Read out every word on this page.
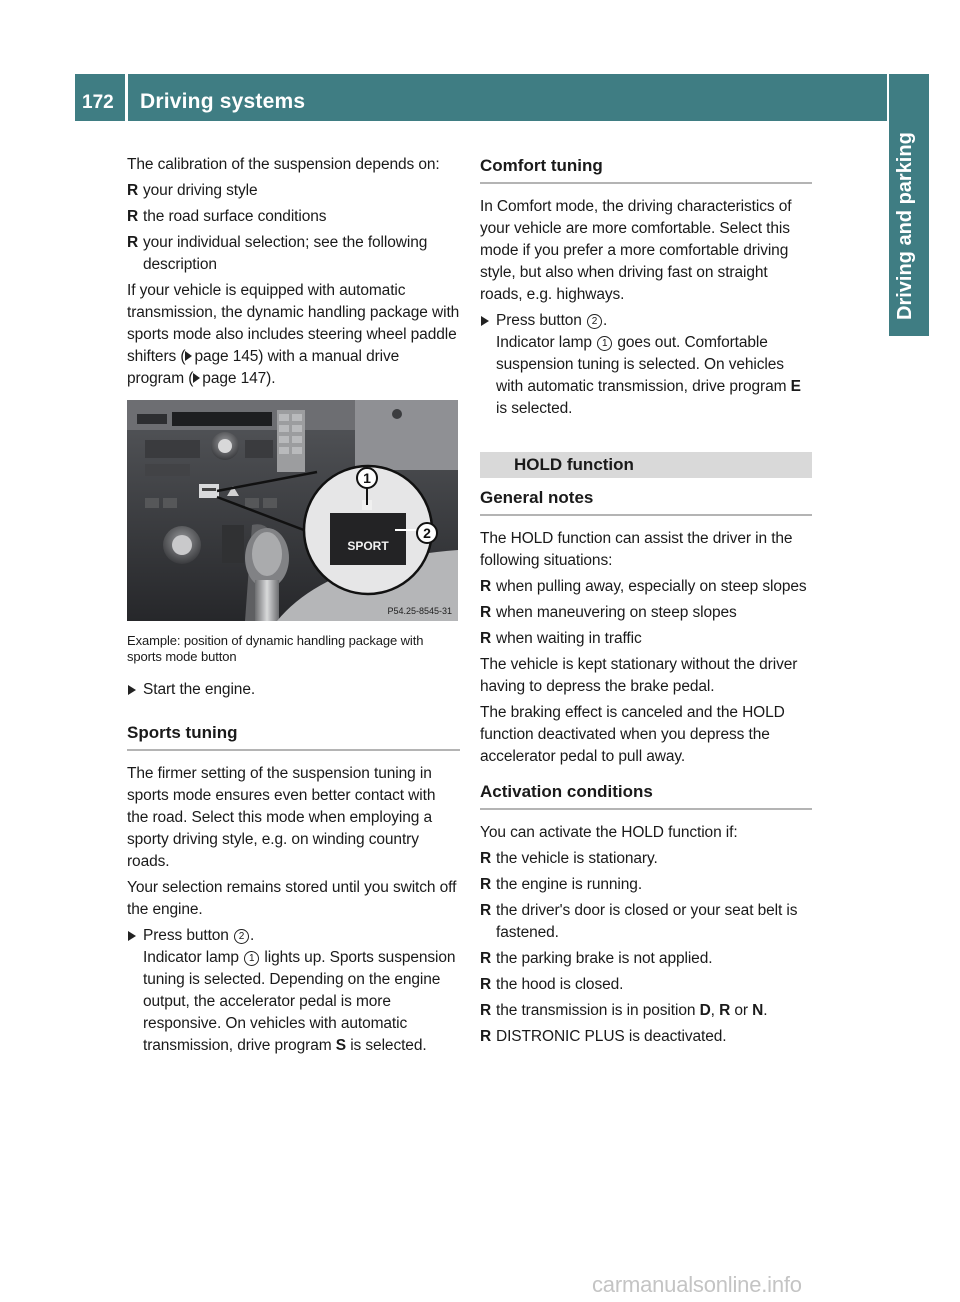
172	Driving systems
Driving and parking

The calibration of the suspension depends on:

R your driving style
R the road surface conditions
R your individual selection; see the following description

If your vehicle is equipped with automatic transmission, the dynamic handling package with sports mode also includes steering wheel paddle shifters ( page 145) with a manual drive program ( page 147).

1
2
SPORT
P54.25-8545-31
Example: position of dynamic handling package with sports mode button
Start the engine.
Sports tuning

The firmer setting of the suspension tuning in sports mode ensures even better contact with the road. Select this mode when employing a sporty driving style, e.g. on winding country roads.

Your selection remains stored until you switch off the engine.

Press button 2 .
Indicator lamp 1 lights up. Sports suspension tuning is selected. Depending on the engine output, the accelerator pedal is more responsive. On vehicles with automatic transmission, drive program S is selected.
Comfort tuning

In Comfort mode, the driving characteristics of your vehicle are more comfortable. Select this mode if you prefer a more comfortable driving style, but also when driving fast on straight roads, e.g. highways.

Press button 2 .
Indicator lamp 1 goes out. Comfortable suspension tuning is selected. On vehicles with automatic transmission, drive program E is selected.
HOLD function
General notes

The HOLD function can assist the driver in the following situations:

R when pulling away, especially on steep slopes
R when maneuvering on steep slopes
R when waiting in traffic

The vehicle is kept stationary without the driver having to depress the brake pedal.

The braking effect is canceled and the HOLD function deactivated when you depress the accelerator pedal to pull away.

Activation conditions

You can activate the HOLD function if:

R the vehicle is stationary.
R the engine is running.
R the driver's door is closed or your seat belt is fastened.
R the parking brake is not applied.
R the hood is closed.
R the transmission is in position D, R or N.
R DISTRONIC PLUS is deactivated.
carmanualsonline.info
